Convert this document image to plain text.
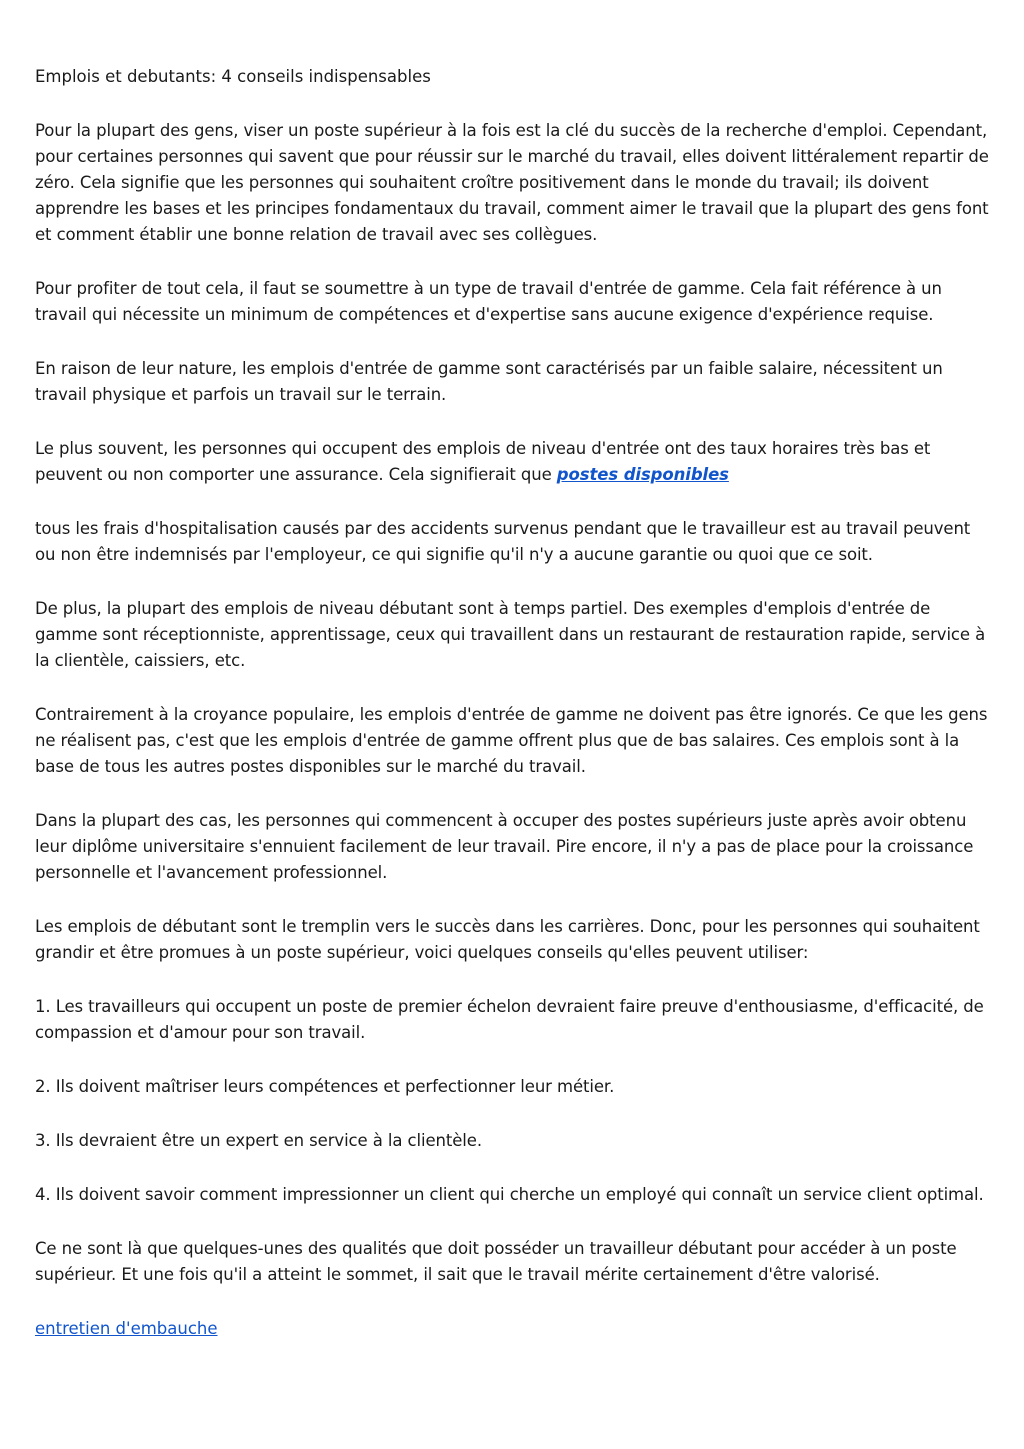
Emplois et debutants: 4 conseils indispensables

Pour la plupart des gens, viser un poste supérieur à la fois est la clé du succès de la recherche d'emploi. Cependant, pour certaines personnes qui savent que pour réussir sur le marché du travail, elles doivent littéralement repartir de zéro. Cela signifie que les personnes qui souhaitent croître positivement dans le monde du travail; ils doivent apprendre les bases et les principes fondamentaux du travail, comment aimer le travail que la plupart des gens font et comment établir une bonne relation de travail avec ses collègues.

Pour profiter de tout cela, il faut se soumettre à un type de travail d'entrée de gamme. Cela fait référence à un travail qui nécessite un minimum de compétences et d'expertise sans aucune exigence d'expérience requise.

En raison de leur nature, les emplois d'entrée de gamme sont caractérisés par un faible salaire, nécessitent un travail physique et parfois un travail sur le terrain.

Le plus souvent, les personnes qui occupent des emplois de niveau d'entrée ont des taux horaires très bas et peuvent ou non comporter une assurance. Cela signifierait que postes disponibles

tous les frais d'hospitalisation causés par des accidents survenus pendant que le travailleur est au travail peuvent ou non être indemnisés par l'employeur, ce qui signifie qu'il n'y a aucune garantie ou quoi que ce soit.

De plus, la plupart des emplois de niveau débutant sont à temps partiel. Des exemples d'emplois d'entrée de gamme sont réceptionniste, apprentissage, ceux qui travaillent dans un restaurant de restauration rapide, service à la clientèle, caissiers, etc.

Contrairement à la croyance populaire, les emplois d'entrée de gamme ne doivent pas être ignorés. Ce que les gens ne réalisent pas, c'est que les emplois d'entrée de gamme offrent plus que de bas salaires. Ces emplois sont à la base de tous les autres postes disponibles sur le marché du travail.

Dans la plupart des cas, les personnes qui commencent à occuper des postes supérieurs juste après avoir obtenu leur diplôme universitaire s'ennuient facilement de leur travail. Pire encore, il n'y a pas de place pour la croissance personnelle et l'avancement professionnel.

Les emplois de débutant sont le tremplin vers le succès dans les carrières. Donc, pour les personnes qui souhaitent grandir et être promues à un poste supérieur, voici quelques conseils qu'elles peuvent utiliser:

1. Les travailleurs qui occupent un poste de premier échelon devraient faire preuve d'enthousiasme, d'efficacité, de compassion et d'amour pour son travail.

2. Ils doivent maîtriser leurs compétences et perfectionner leur métier.

3. Ils devraient être un expert en service à la clientèle.

4. Ils doivent savoir comment impressionner un client qui cherche un employé qui connaît un service client optimal.

Ce ne sont là que quelques-unes des qualités que doit posséder un travailleur débutant pour accéder à un poste supérieur. Et une fois qu'il a atteint le sommet, il sait que le travail mérite certainement d'être valorisé.

entretien d'embauche
